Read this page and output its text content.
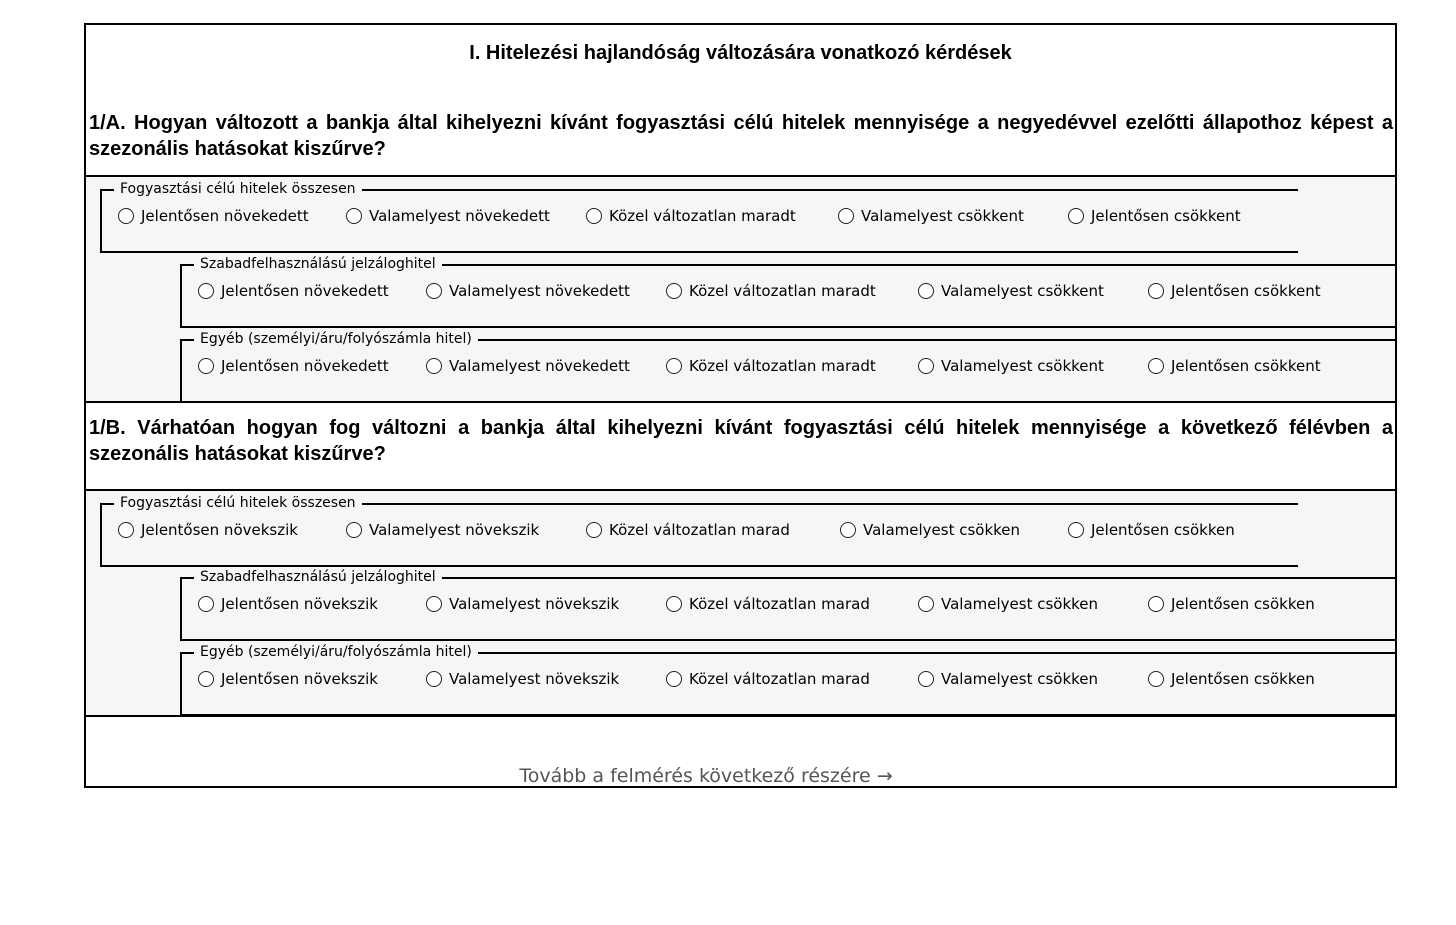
I. Hitelezési hajlandóság változására vonatkozó kérdések

1/A. Hogyan változott a bankja által kihelyezni kívánt fogyasztási célú hitelek mennyisége a negyedévvel ezelőtti állapothoz képest a szezonális hatásokat kiszűrve?

Fogyasztási célú hitelek összesen
Jelentősen növekedett	Valamelyest növekedett	Közel változatlan maradt	Valamelyest csökkent	Jelentősen csökkent
Szabadfelhasználású jelzáloghitel
Jelentősen növekedett	Valamelyest növekedett	Közel változatlan maradt	Valamelyest csökkent	Jelentősen csökkent
Egyéb (személyi/áru/folyószámla hitel)
Jelentősen növekedett	Valamelyest növekedett	Közel változatlan maradt	Valamelyest csökkent	Jelentősen csökkent

1/B. Várhatóan hogyan fog változni a bankja által kihelyezni kívánt fogyasztási célú hitelek mennyisége a következő félévben a szezonális hatásokat kiszűrve?

Fogyasztási célú hitelek összesen
Jelentősen növekszik	Valamelyest növekszik	Közel változatlan marad	Valamelyest csökken	Jelentősen csökken
Szabadfelhasználású jelzáloghitel
Jelentősen növekszik	Valamelyest növekszik	Közel változatlan marad	Valamelyest csökken	Jelentősen csökken
Egyéb (személyi/áru/folyószámla hitel)
Jelentősen növekszik	Valamelyest növekszik	Közel változatlan marad	Valamelyest csökken	Jelentősen csökken
Tovább a felmérés következő részére →
